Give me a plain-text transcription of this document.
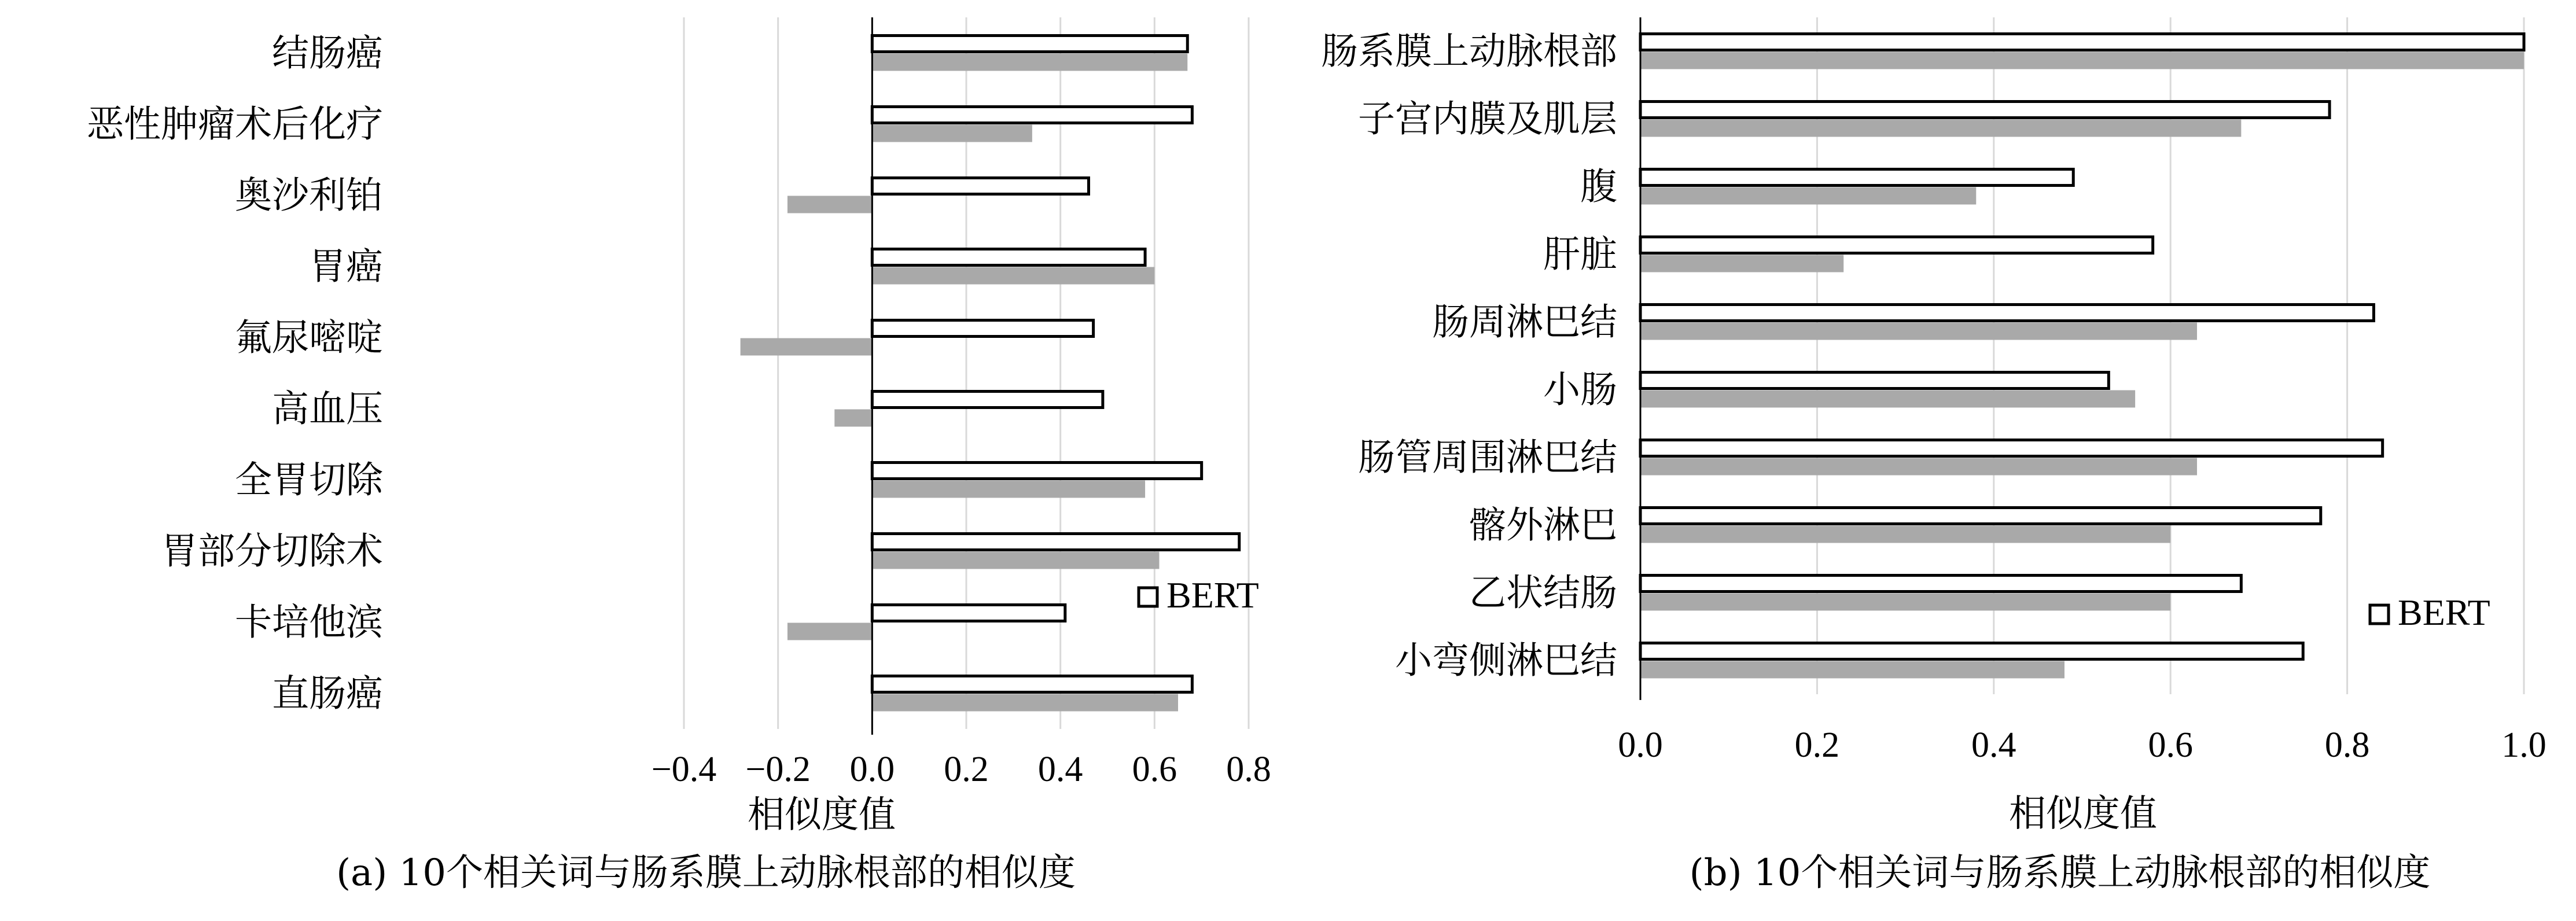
结肠癌
恶性肿瘤术后化疗
奥沙利铂
胃癌
氟尿嘧啶
高血压
全胃切除
胃部分切除术
卡培他滨
直肠癌
−0.4 −0.2 0.0 0.2 0.4 0.6 0.8
相似度值
BERT
(a) 10个相关词与肠系膜上动脉根部的相似度
肠系膜上动脉根部
子宫内膜及肌层
腹
肝脏
肠周淋巴结
小肠
肠管周围淋巴结
髂外淋巴
乙状结肠
小弯侧淋巴结
0.0	0.2	0.4	0.6	0.8	1.0
相似度值
BERT
(b) 10个相关词与肠系膜上动脉根部的相似度
